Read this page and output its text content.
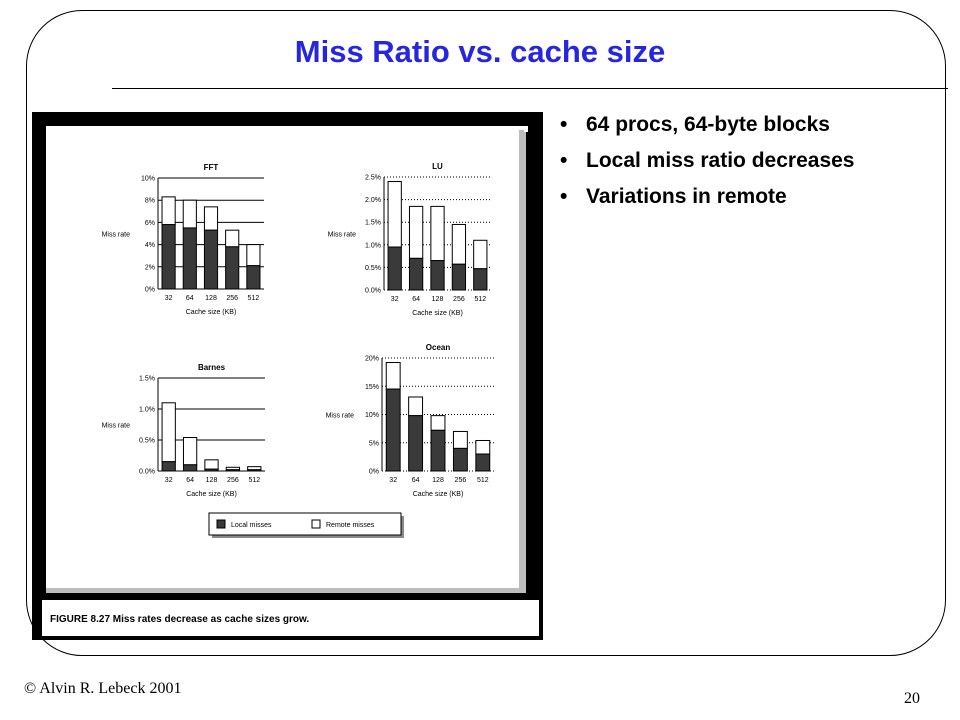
Miss Ratio vs. cache size
FIGURE 8.27 Miss rates decrease as cache sizes grow.
0%
2%
4%
6%
8%
10%
32 64 128 256 512
FFT
Cache size (KB)
Miss rate
0.0%
0.5%
1.0%
1.5%
2.0%
2.5%
32 64 128 256 512
LU
Cache size (KB)
Miss rate
0.0%
0.5%
1.0%
1.5%
32 64 128 256 512
Barnes
Cache size (KB)
Miss rate
0%
5%
10%
15%
20%
32 64 128 256 512
Ocean
Cache size (KB)
Miss rate
Local misses	Remote misses
• 64 procs, 64-byte blocks
• Local miss ratio decreases
• Variations in remote
© Alvin R. Lebeck 2001
20
